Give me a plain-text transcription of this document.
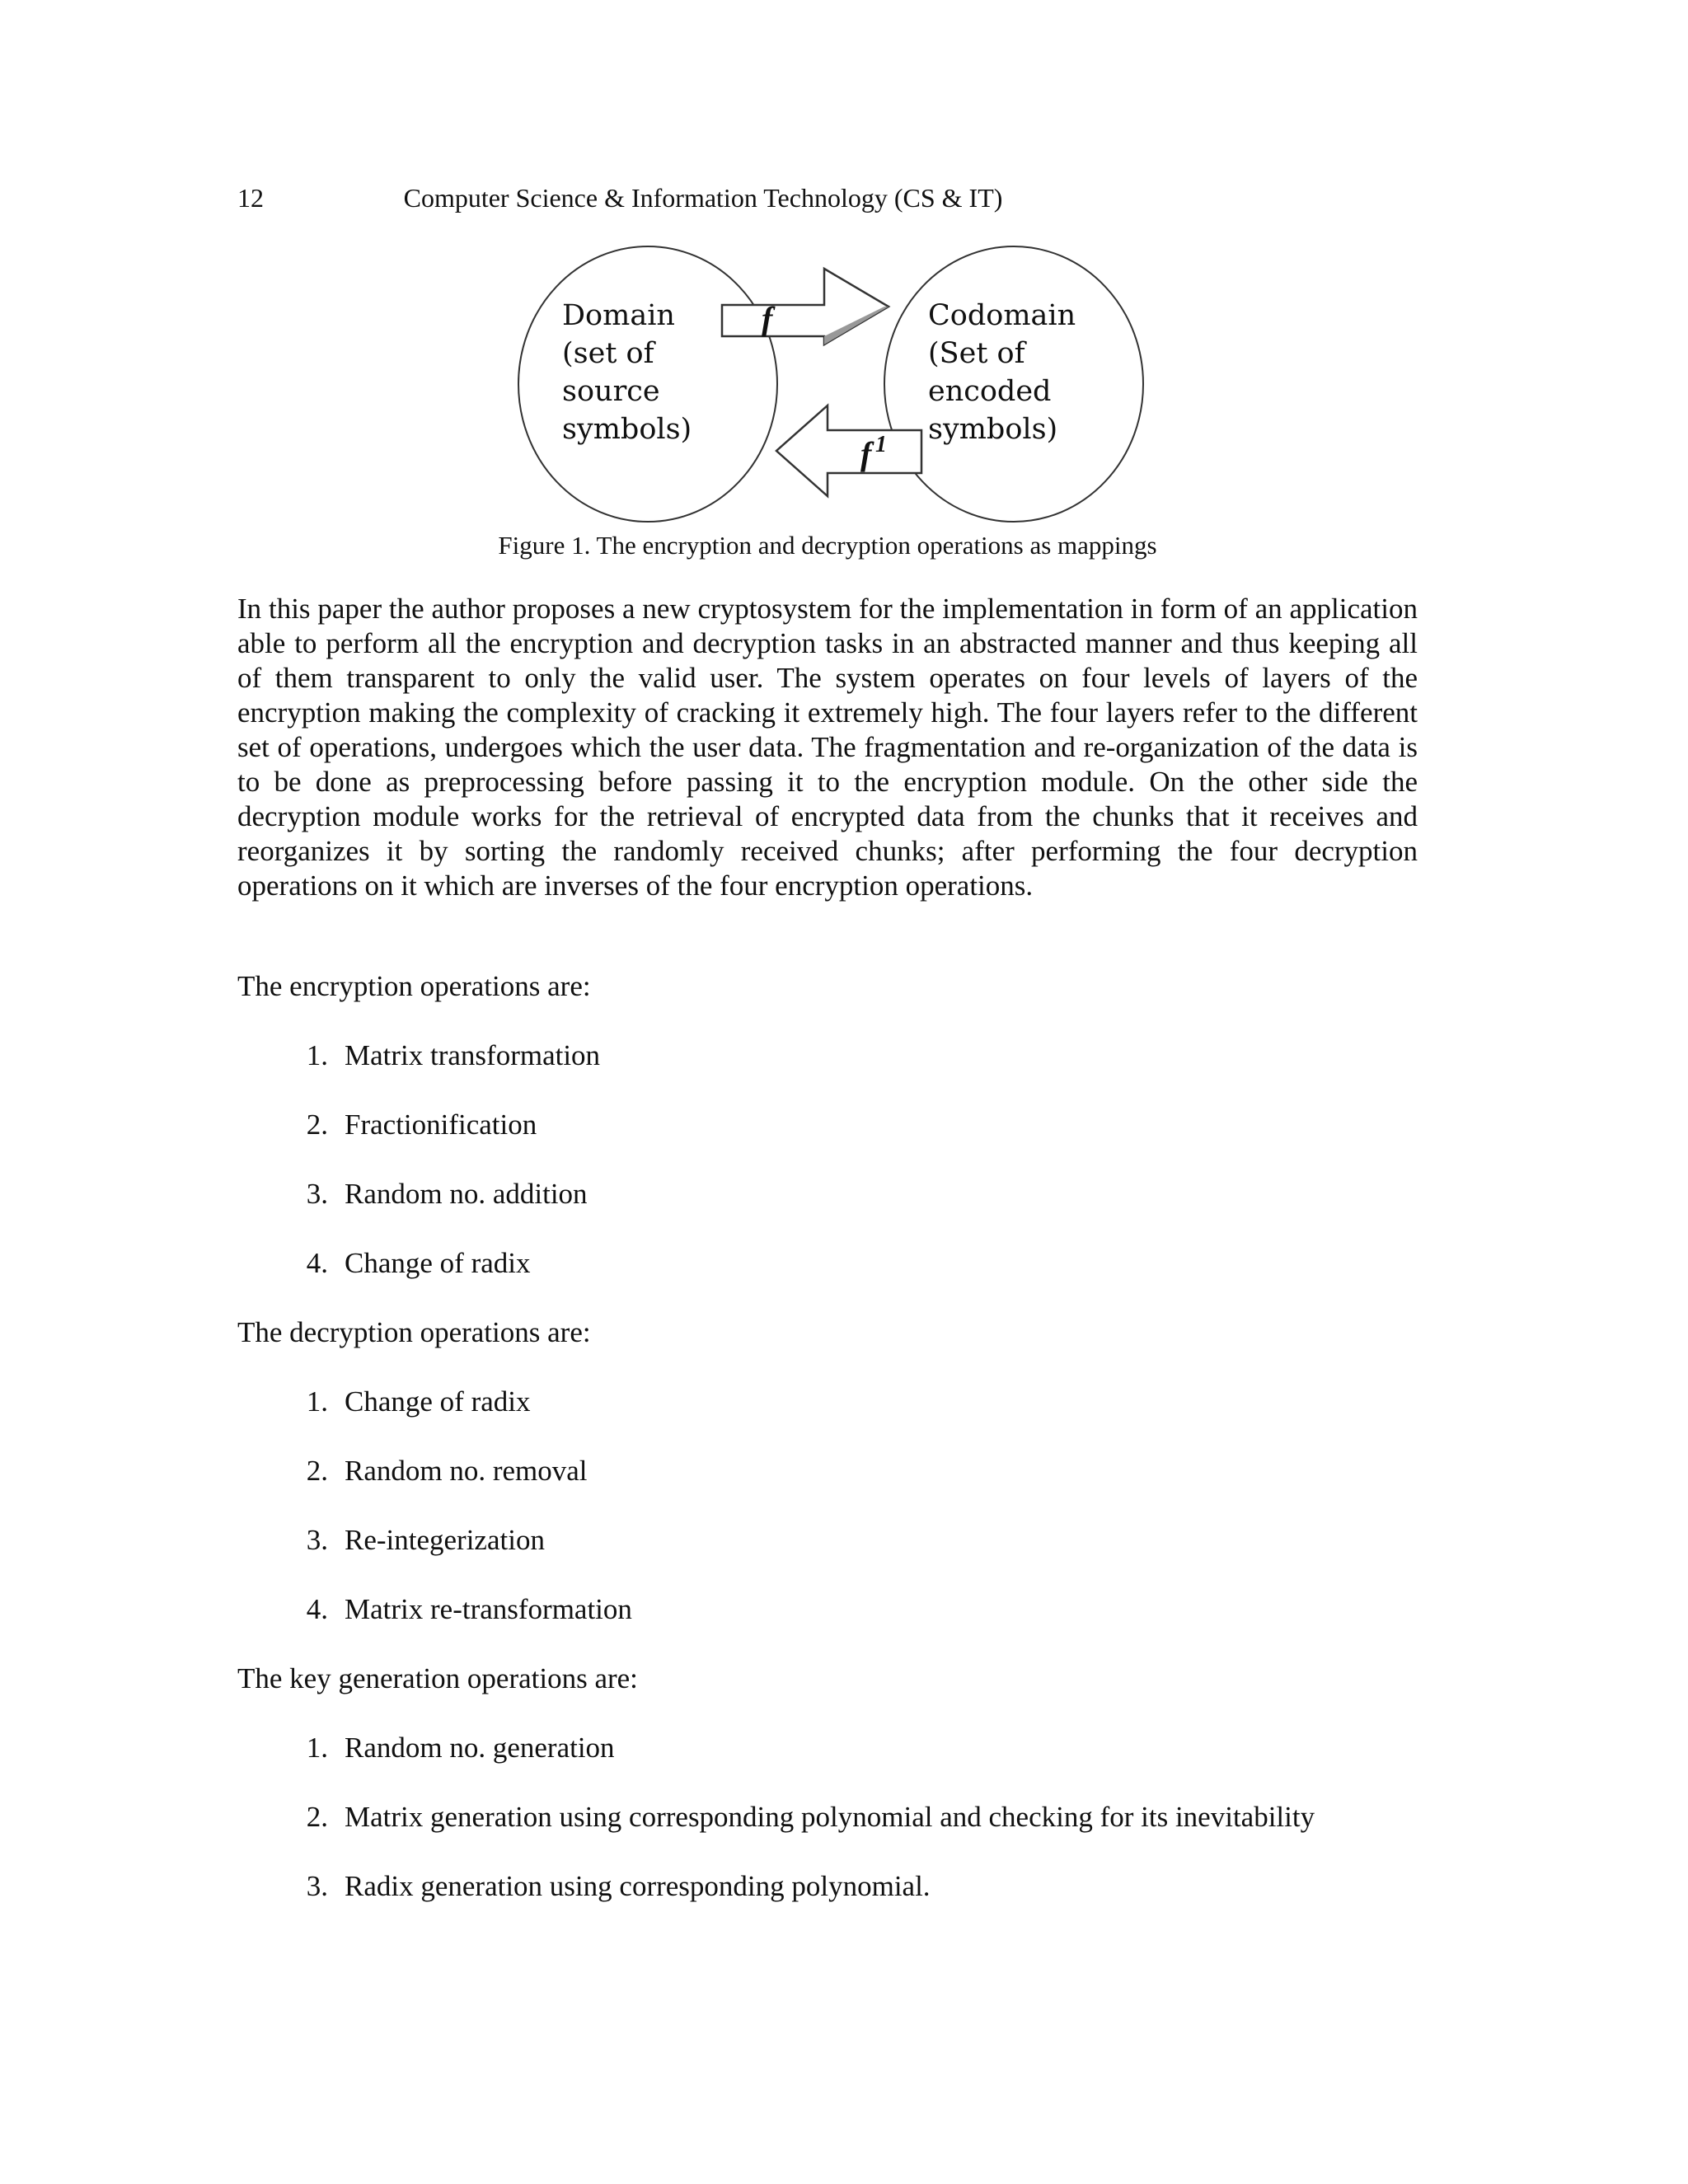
12	Computer Science & Information Technology (CS & IT)
Domain
(set of
source
symbols)
Codomain
(Set of
encoded
symbols)
f
f 1
Figure 1. The encryption and decryption operations as mappings

In this paper the author proposes a new cryptosystem for the implementation in form of an application able to perform all the encryption and decryption tasks in an abstracted manner and thus keeping all of them transparent to only the valid user. The system operates on four levels of layers of the encryption making the complexity of cracking it extremely high. The four layers refer to the different set of operations, undergoes which the user data. The fragmentation and re-organization of the data is to be done as preprocessing before passing it to the encryption module. On the other side the decryption module works for the retrieval of encrypted data from the chunks that it receives and reorganizes it by sorting the randomly received chunks; after performing the four decryption operations on it which are inverses of the four encryption operations.

The encryption operations are:

1. Matrix transformation
2. Fractionification
3. Random no. addition
4. Change of radix

The decryption operations are:

1. Change of radix
2. Random no. removal
3. Re-integerization
4. Matrix re-transformation

The key generation operations are:

1. Random no. generation
2. Matrix generation using corresponding polynomial and checking for its inevitability
3. Radix generation using corresponding polynomial.
